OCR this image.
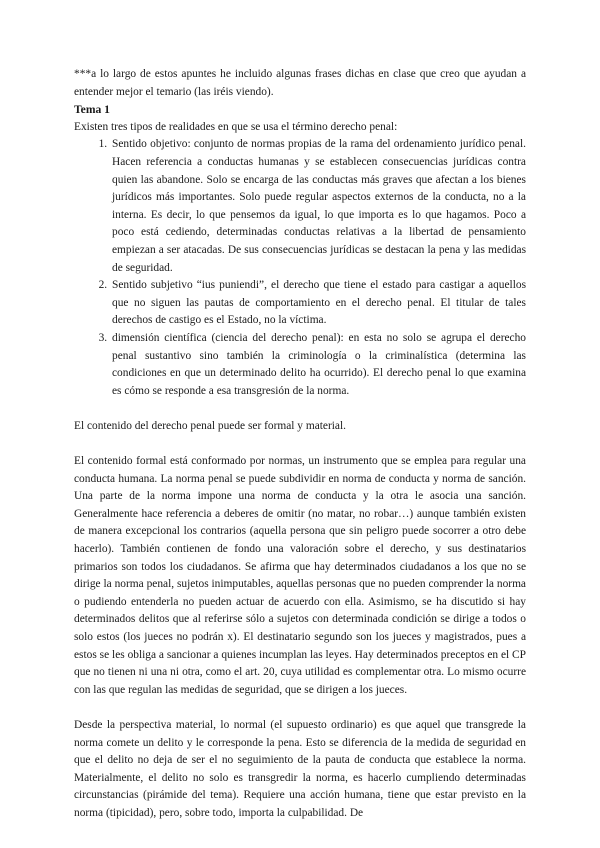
***a lo largo de estos apuntes he incluido algunas frases dichas en clase que creo que ayudan a entender mejor el temario (las iréis viendo).

Tema 1

Existen tres tipos de realidades en que se usa el término derecho penal:

1. Sentido objetivo: conjunto de normas propias de la rama del ordenamiento jurídico penal. Hacen referencia a conductas humanas y se establecen consecuencias jurídicas contra quien las abandone. Solo se encarga de las conductas más graves que afectan a los bienes jurídicos más importantes. Solo puede regular aspectos externos de la conducta, no a la interna. Es decir, lo que pensemos da igual, lo que importa es lo que hagamos. Poco a poco está cediendo, determinadas conductas relativas a la libertad de pensamiento empiezan a ser atacadas. De sus consecuencias jurídicas se destacan la pena y las medidas de seguridad.
2. Sentido subjetivo “ius puniendi”, el derecho que tiene el estado para castigar a aquellos que no siguen las pautas de comportamiento en el derecho penal. El titular de tales derechos de castigo es el Estado, no la víctima.
3. dimensión científica (ciencia del derecho penal): en esta no solo se agrupa el derecho penal sustantivo sino también la criminología o la criminalística (determina las condiciones en que un determinado delito ha ocurrido). El derecho penal lo que examina es cómo se responde a esa transgresión de la norma.

El contenido del derecho penal puede ser formal y material.

El contenido formal está conformado por normas, un instrumento que se emplea para regular una conducta humana. La norma penal se puede subdividir en norma de conducta y norma de sanción. Una parte de la norma impone una norma de conducta y la otra le asocia una sanción. Generalmente hace referencia a deberes de omitir (no matar, no robar…) aunque también existen de manera excepcional los contrarios (aquella persona que sin peligro puede socorrer a otro debe hacerlo). También contienen de fondo una valoración sobre el derecho, y sus destinatarios primarios son todos los ciudadanos. Se afirma que hay determinados ciudadanos a los que no se dirige la norma penal, sujetos inimputables, aquellas personas que no pueden comprender la norma o pudiendo entenderla no pueden actuar de acuerdo con ella. Asimismo, se ha discutido si hay determinados delitos que al referirse sólo a sujetos con determinada condición se dirige a todos o solo estos (los jueces no podrán x). El destinatario segundo son los jueces y magistrados, pues a estos se les obliga a sancionar a quienes incumplan las leyes. Hay determinados preceptos en el CP que no tienen ni una ni otra, como el art. 20, cuya utilidad es complementar otra. Lo mismo ocurre con las que regulan las medidas de seguridad, que se dirigen a los jueces.

Desde la perspectiva material, lo normal (el supuesto ordinario) es que aquel que transgrede la norma comete un delito y le corresponde la pena. Esto se diferencia de la medida de seguridad en que el delito no deja de ser el no seguimiento de la pauta de conducta que establece la norma. Materialmente, el delito no solo es transgredir la norma, es hacerlo cumpliendo determinadas circunstancias (pirámide del tema). Requiere una acción humana, tiene que estar previsto en la norma (tipicidad), pero, sobre todo, importa la culpabilidad. De
